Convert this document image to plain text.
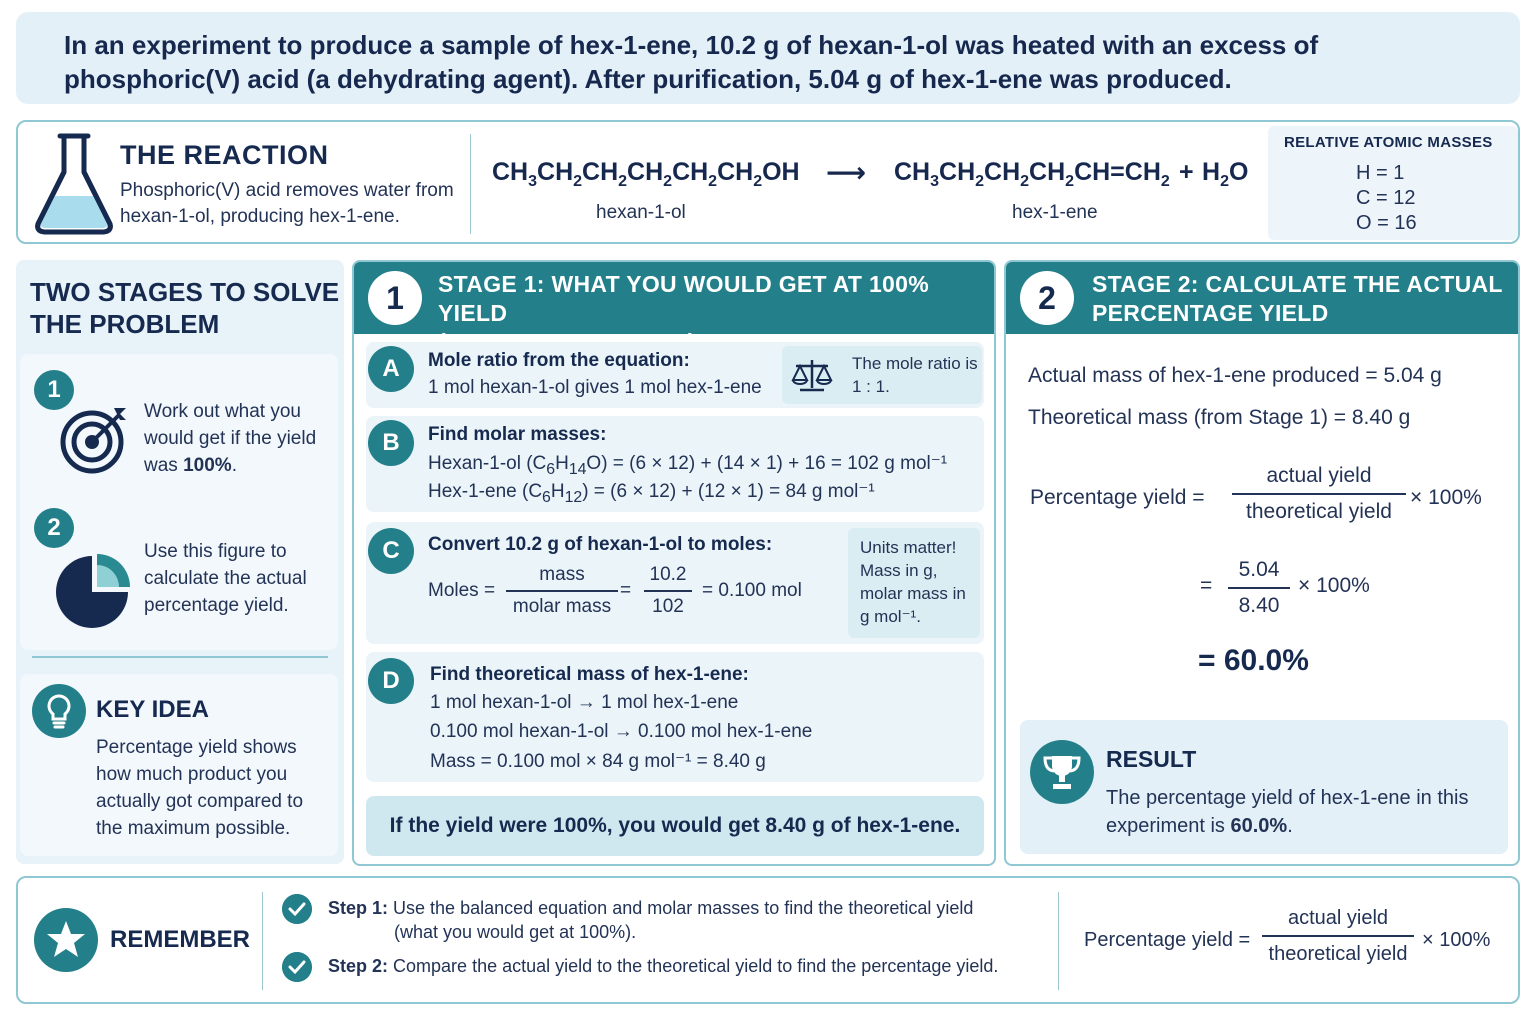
In an experiment to produce a sample of hex-1-ene, 10.2 g of hexan-1-ol was heated with an excess of
phosphoric(V) acid (a dehydrating agent). After purification, 5.04 g of hex-1-ene was produced.
THE REACTION
Phosphoric(V) acid removes water from hexan-1-ol, producing hex-1-ene.
$CH_3CH_2CH_2CH_2CH_2CH_2OH$
hexan-1-ol
⟶ $CH_3CH_2CH_2CH_2CH=CH_2 + H_2O$
hex-1-ene
RELATIVE ATOMIC MASSES
H = 1
C = 12
O = 16
TWO STAGES TO SOLVE
THE PROBLEM
1
Work out what you would get if the yield was 100%.
2
Use this figure to calculate the actual percentage yield.
KEY IDEA
Percentage yield shows how much product you actually got compared to the maximum possible.
1	STAGE 1: WHAT YOU WOULD GET AT 100% YIELD
A	Mole ratio from the equation:
1 mol hexan-1-ol gives 1 mol hex-1-ene
The mole ratio is 1 : 1.
B	Find molar masses:
Hexan-1-ol $(C_6H_{14}O) = (6 \times 12) + (14 \times 1) + 16 = 102$ g mol⁻¹
Hex-1-ene $(C_6H_{12}) = (6 \times 12) + (12 \times 1) = 84$ g mol⁻¹
C	Convert 10.2 g of hexan-1-ol to moles:
Moles =
mass
molar mass
=
10.2
102
= 0.100 mol
Units matter! Mass in g, molar mass in g mol⁻¹.
D	Find theoretical mass of hex-1-ene:
1 mol hexan-1-ol → 1 mol hex-1-ene
0.100 mol hexan-1-ol → 0.100 mol hex-1-ene
Mass = 0.100 mol × 84 g mol⁻¹ = 8.40 g
If the yield were 100%, you would get 8.40 g of hex-1-ene.
2	STAGE 2: CALCULATE THE ACTUAL
PERCENTAGE YIELD
Actual mass of hex-1-ene produced = 5.04 g
Theoretical mass (from Stage 1) = 8.40 g
Percentage yield =
actual yield
theoretical yield
× 100%
=
5.04
8.40
× 100%
= 60.0%
RESULT
The percentage yield of hex-1-ene in this experiment is 60.0%.
REMEMBER
Step 1: Use the balanced equation and molar masses to find the theoretical yield
(what you would get at 100%).
Step 2: Compare the actual yield to the theoretical yield to find the percentage yield.
Percentage yield =
actual yield
theoretical yield
× 100%
